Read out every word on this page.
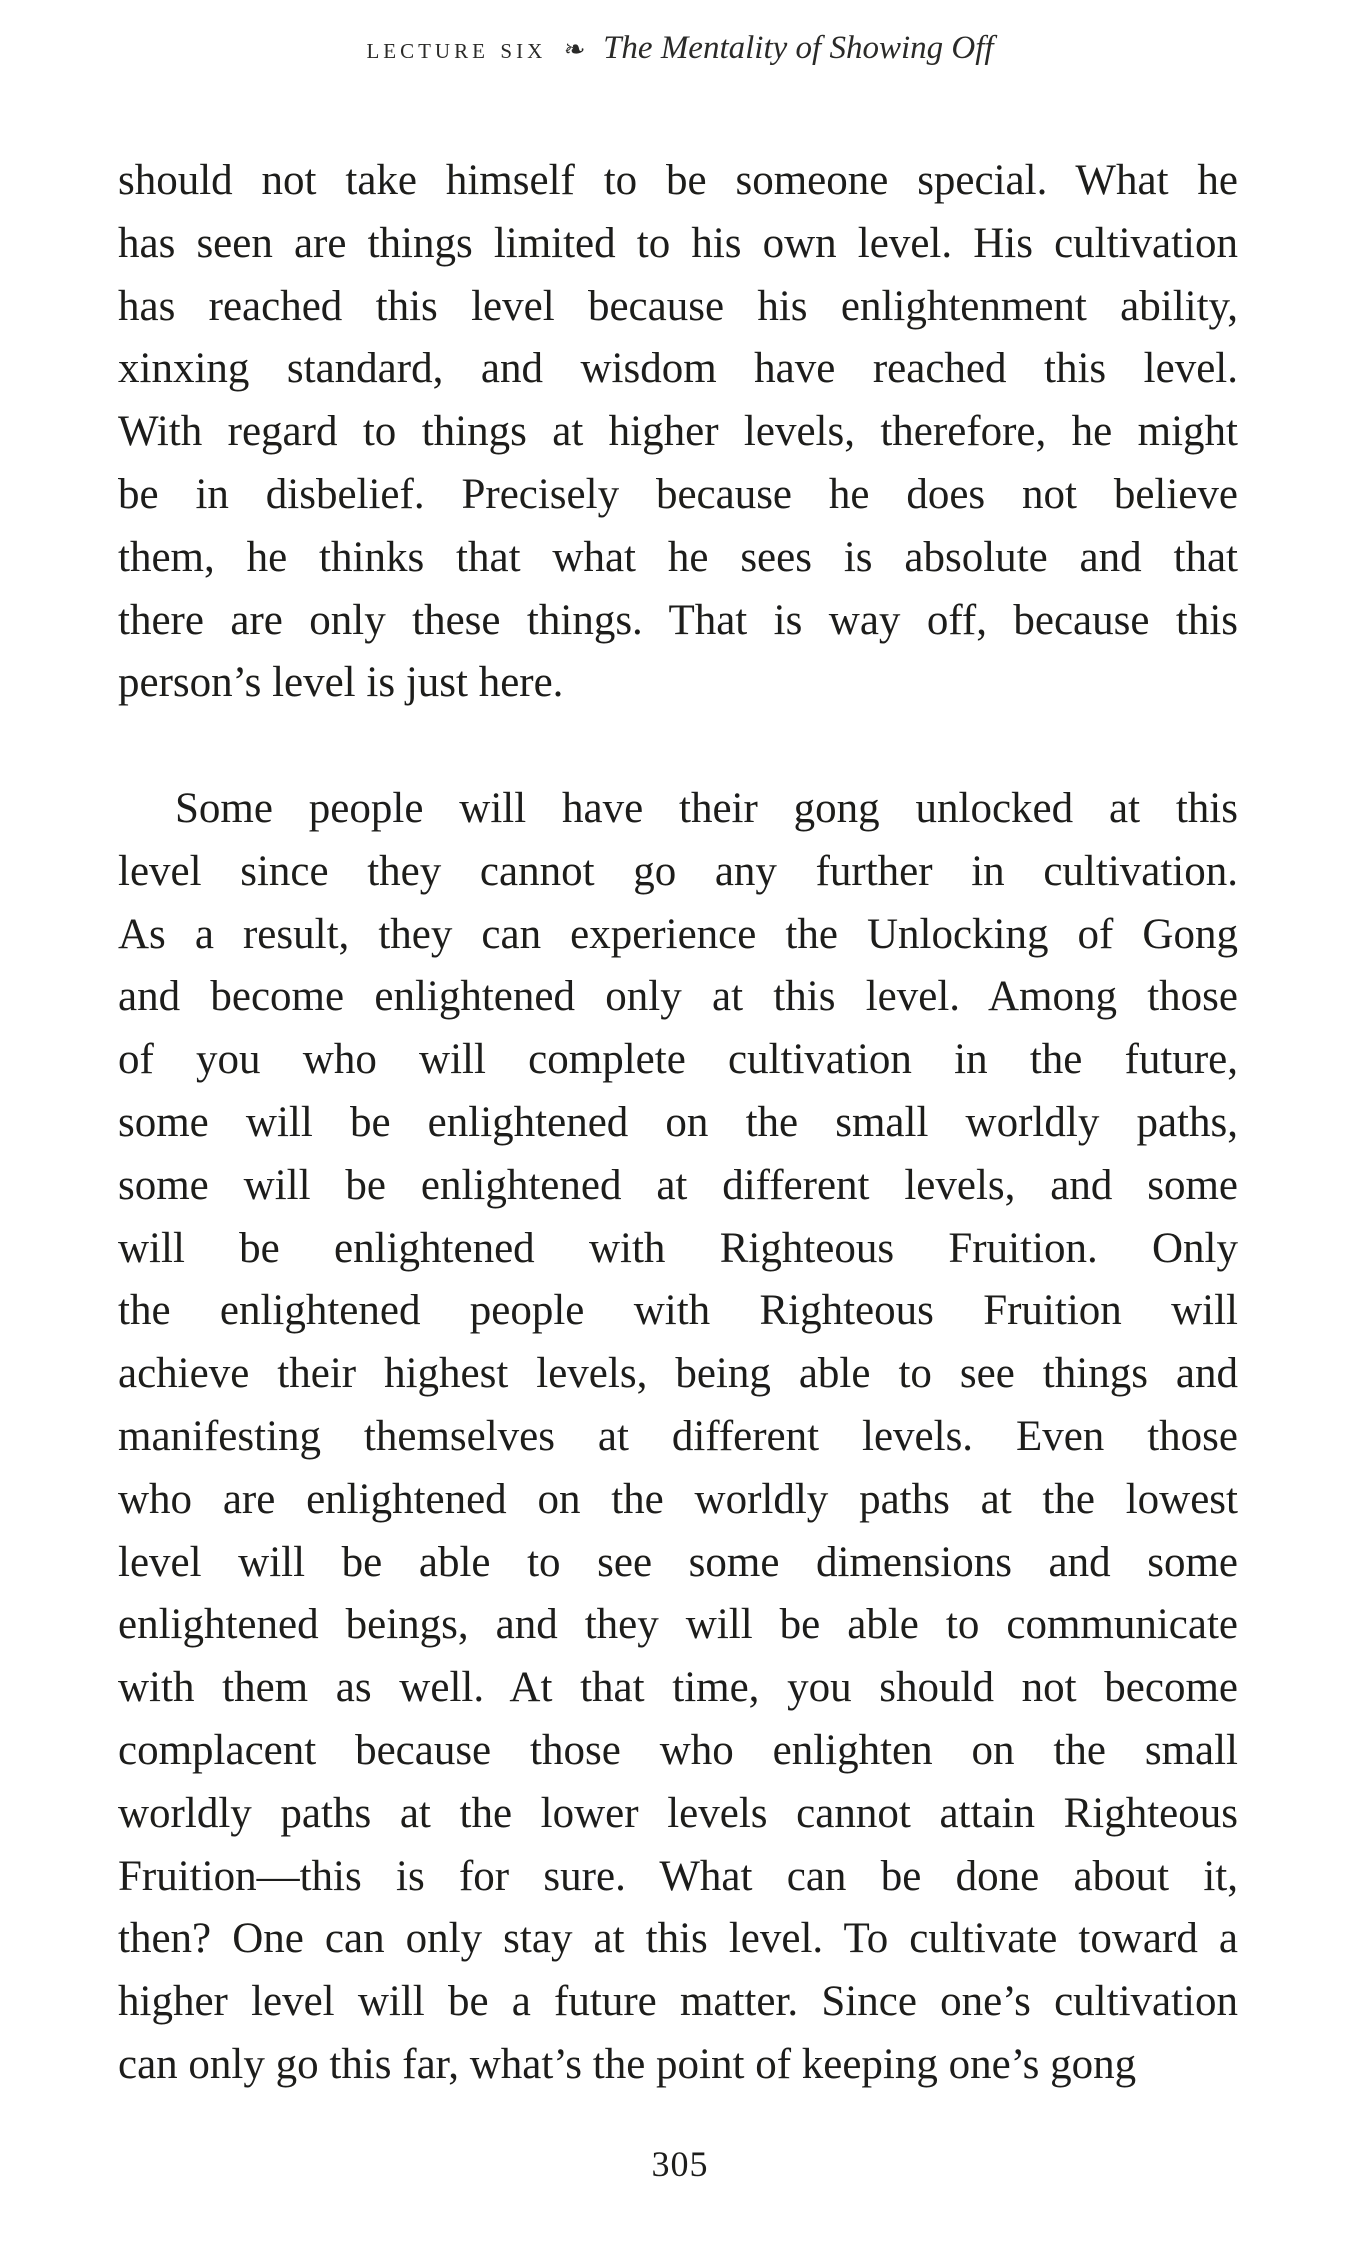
lecture six ❧ The Mentality of Showing Off
should not take himself to be someone special. What he
has seen are things limited to his own level. His cultivation
has reached this level because his enlightenment ability,
xinxing standard, and wisdom have reached this level.
With regard to things at higher levels, therefore, he might
be in disbelief. Precisely because he does not believe
them, he thinks that what he sees is absolute and that
there are only these things. That is way off, because this
person’s level is just here.
Some people will have their gong unlocked at this
level since they cannot go any further in cultivation.
As a result, they can experience the Unlocking of Gong
and become enlightened only at this level. Among those
of you who will complete cultivation in the future,
some will be enlightened on the small worldly paths,
some will be enlightened at different levels, and some
will be enlightened with Righteous Fruition. Only
the enlightened people with Righteous Fruition will
achieve their highest levels, being able to see things and
manifesting themselves at different levels. Even those
who are enlightened on the worldly paths at the lowest
level will be able to see some dimensions and some
enlightened beings, and they will be able to communicate
with them as well. At that time, you should not become
complacent because those who enlighten on the small
worldly paths at the lower levels cannot attain Righteous
Fruition—this is for sure. What can be done about it,
then? One can only stay at this level. To cultivate toward a
higher level will be a future matter. Since one’s cultivation
can only go this far, what’s the point of keeping one’s gong
305
